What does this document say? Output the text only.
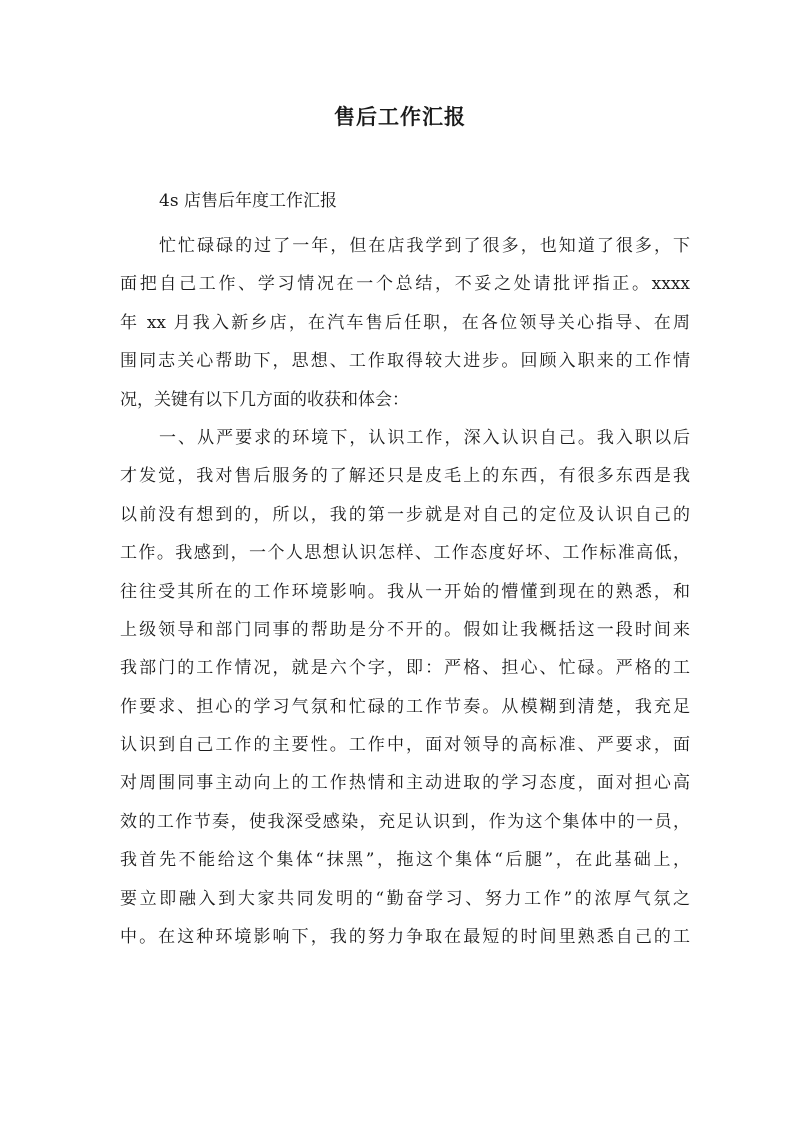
售后工作汇报
4s 店售后年度工作汇报
忙忙碌碌的过了一年，但在店我学到了很多，也知道了很多，下
面把自己工作、学习情况在一个总结，不妥之处请批评指正。xxxx
年 xx 月我入新乡店，在汽车售后任职，在各位领导关心指导、在周
围同志关心帮助下，思想、工作取得较大进步。回顾入职来的工作情
况，关键有以下几方面的收获和体会：
一、从严要求的环境下，认识工作，深入认识自己。我入职以后
才发觉，我对售后服务的了解还只是皮毛上的东西，有很多东西是我
以前没有想到的，所以，我的第一步就是对自己的定位及认识自己的
工作。我感到，一个人思想认识怎样、工作态度好坏、工作标准高低，
往往受其所在的工作环境影响。我从一开始的懵懂到现在的熟悉，和
上级领导和部门同事的帮助是分不开的。假如让我概括这一段时间来
我部门的工作情况，就是六个字，即：严格、担心、忙碌。严格的工
作要求、担心的学习气氛和忙碌的工作节奏。从模糊到清楚，我充足
认识到自己工作的主要性。工作中，面对领导的高标准、严要求，面
对周围同事主动向上的工作热情和主动进取的学习态度，面对担心高
效的工作节奏，使我深受感染，充足认识到，作为这个集体中的一员，
我首先不能给这个集体“抹黑”，拖这个集体“后腿”，在此基础上，
要立即融入到大家共同发明的“勤奋学习、努力工作”的浓厚气氛之
中。在这种环境影响下，我的努力争取在最短的时间里熟悉自己的工
